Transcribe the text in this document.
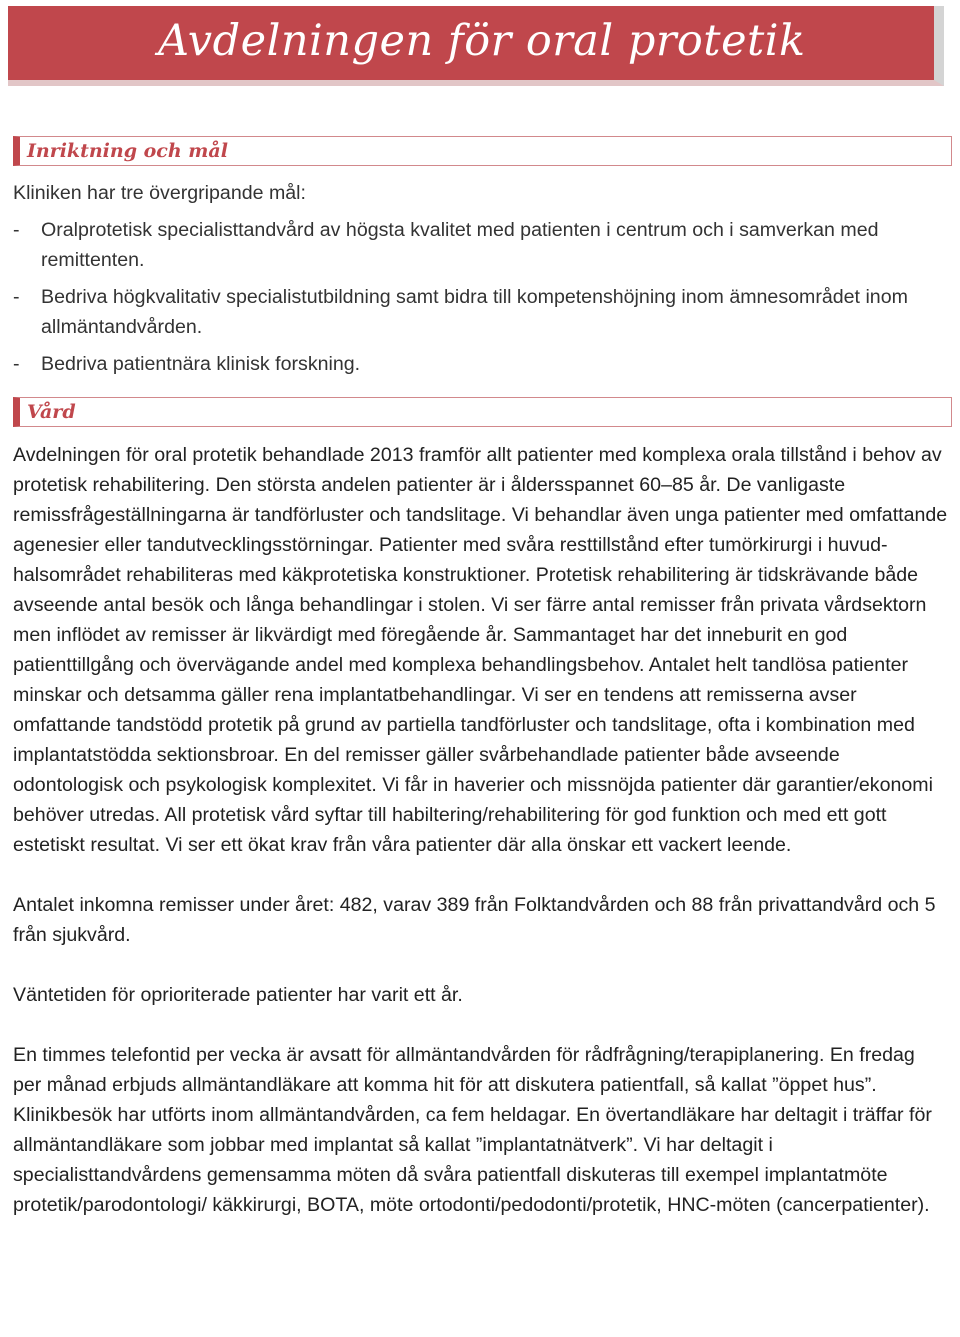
Avdelningen för oral protetik
Inriktning och mål

Kliniken har tre övergripande mål:

- Oralprotetisk specialisttandvård av högsta kvalitet med patienten i centrum och i samverkan med remittenten.
- Bedriva högkvalitativ specialistutbildning samt bidra till kompetenshöjning inom ämnesområdet inom allmäntandvården.
- Bedriva patientnära klinisk forskning.
Vård

Avdelningen för oral protetik behandlade 2013 framför allt patienter med komplexa orala tillstånd i behov av protetisk rehabilitering. Den största andelen patienter är i åldersspannet 60–85 år. De vanligaste remissfrågeställningarna är tandförluster och tandslitage. Vi behandlar även unga patienter med omfattande agenesier eller tandutvecklingsstörningar. Patienter med svåra resttillstånd efter tumörkirurgi i huvud-halsområdet rehabiliteras med käkprotetiska konstruktioner. Protetisk rehabilitering är tidskrävande både avseende antal besök och långa behandlingar i stolen. Vi ser färre antal remisser från privata vårdsektorn men inflödet av remisser är likvärdigt med föregående år. Sammantaget har det inneburit en god patienttillgång och övervägande andel med komplexa behandlingsbehov. Antalet helt tandlösa patienter minskar och detsamma gäller rena implantatbehandlingar. Vi ser en tendens att remisserna avser omfattande tandstödd protetik på grund av partiella tandförluster och tandslitage, ofta i kombination med implantatstödda sektionsbroar. En del remisser gäller svårbehandlade patienter både avseende odontologisk och psykologisk komplexitet. Vi får in haverier och missnöjda patienter där garantier/ekonomi behöver utredas. All protetisk vård syftar till habiltering/rehabilitering för god funktion och med ett gott estetiskt resultat. Vi ser ett ökat krav från våra patienter där alla önskar ett vackert leende.

Antalet inkomna remisser under året: 482, varav 389 från Folktandvården och 88 från privattandvård och 5 från sjukvård.

Väntetiden för oprioriterade patienter har varit ett år.

En timmes telefontid per vecka är avsatt för allmäntandvården för rådfrågning/terapiplanering. En fredag per månad erbjuds allmäntandläkare att komma hit för att diskutera patientfall, så kallat ”öppet hus”. Klinikbesök har utförts inom allmäntandvården, ca fem heldagar. En övertandläkare har deltagit i träffar för allmäntandläkare som jobbar med implantat så kallat ”implantatnätverk”. Vi har deltagit i specialisttandvårdens gemensamma möten då svåra patientfall diskuteras till exempel implantatmöte protetik/parodontologi/ käkkirurgi, BOTA, möte ortodonti/pedodonti/protetik, HNC-möten (cancerpatienter).
